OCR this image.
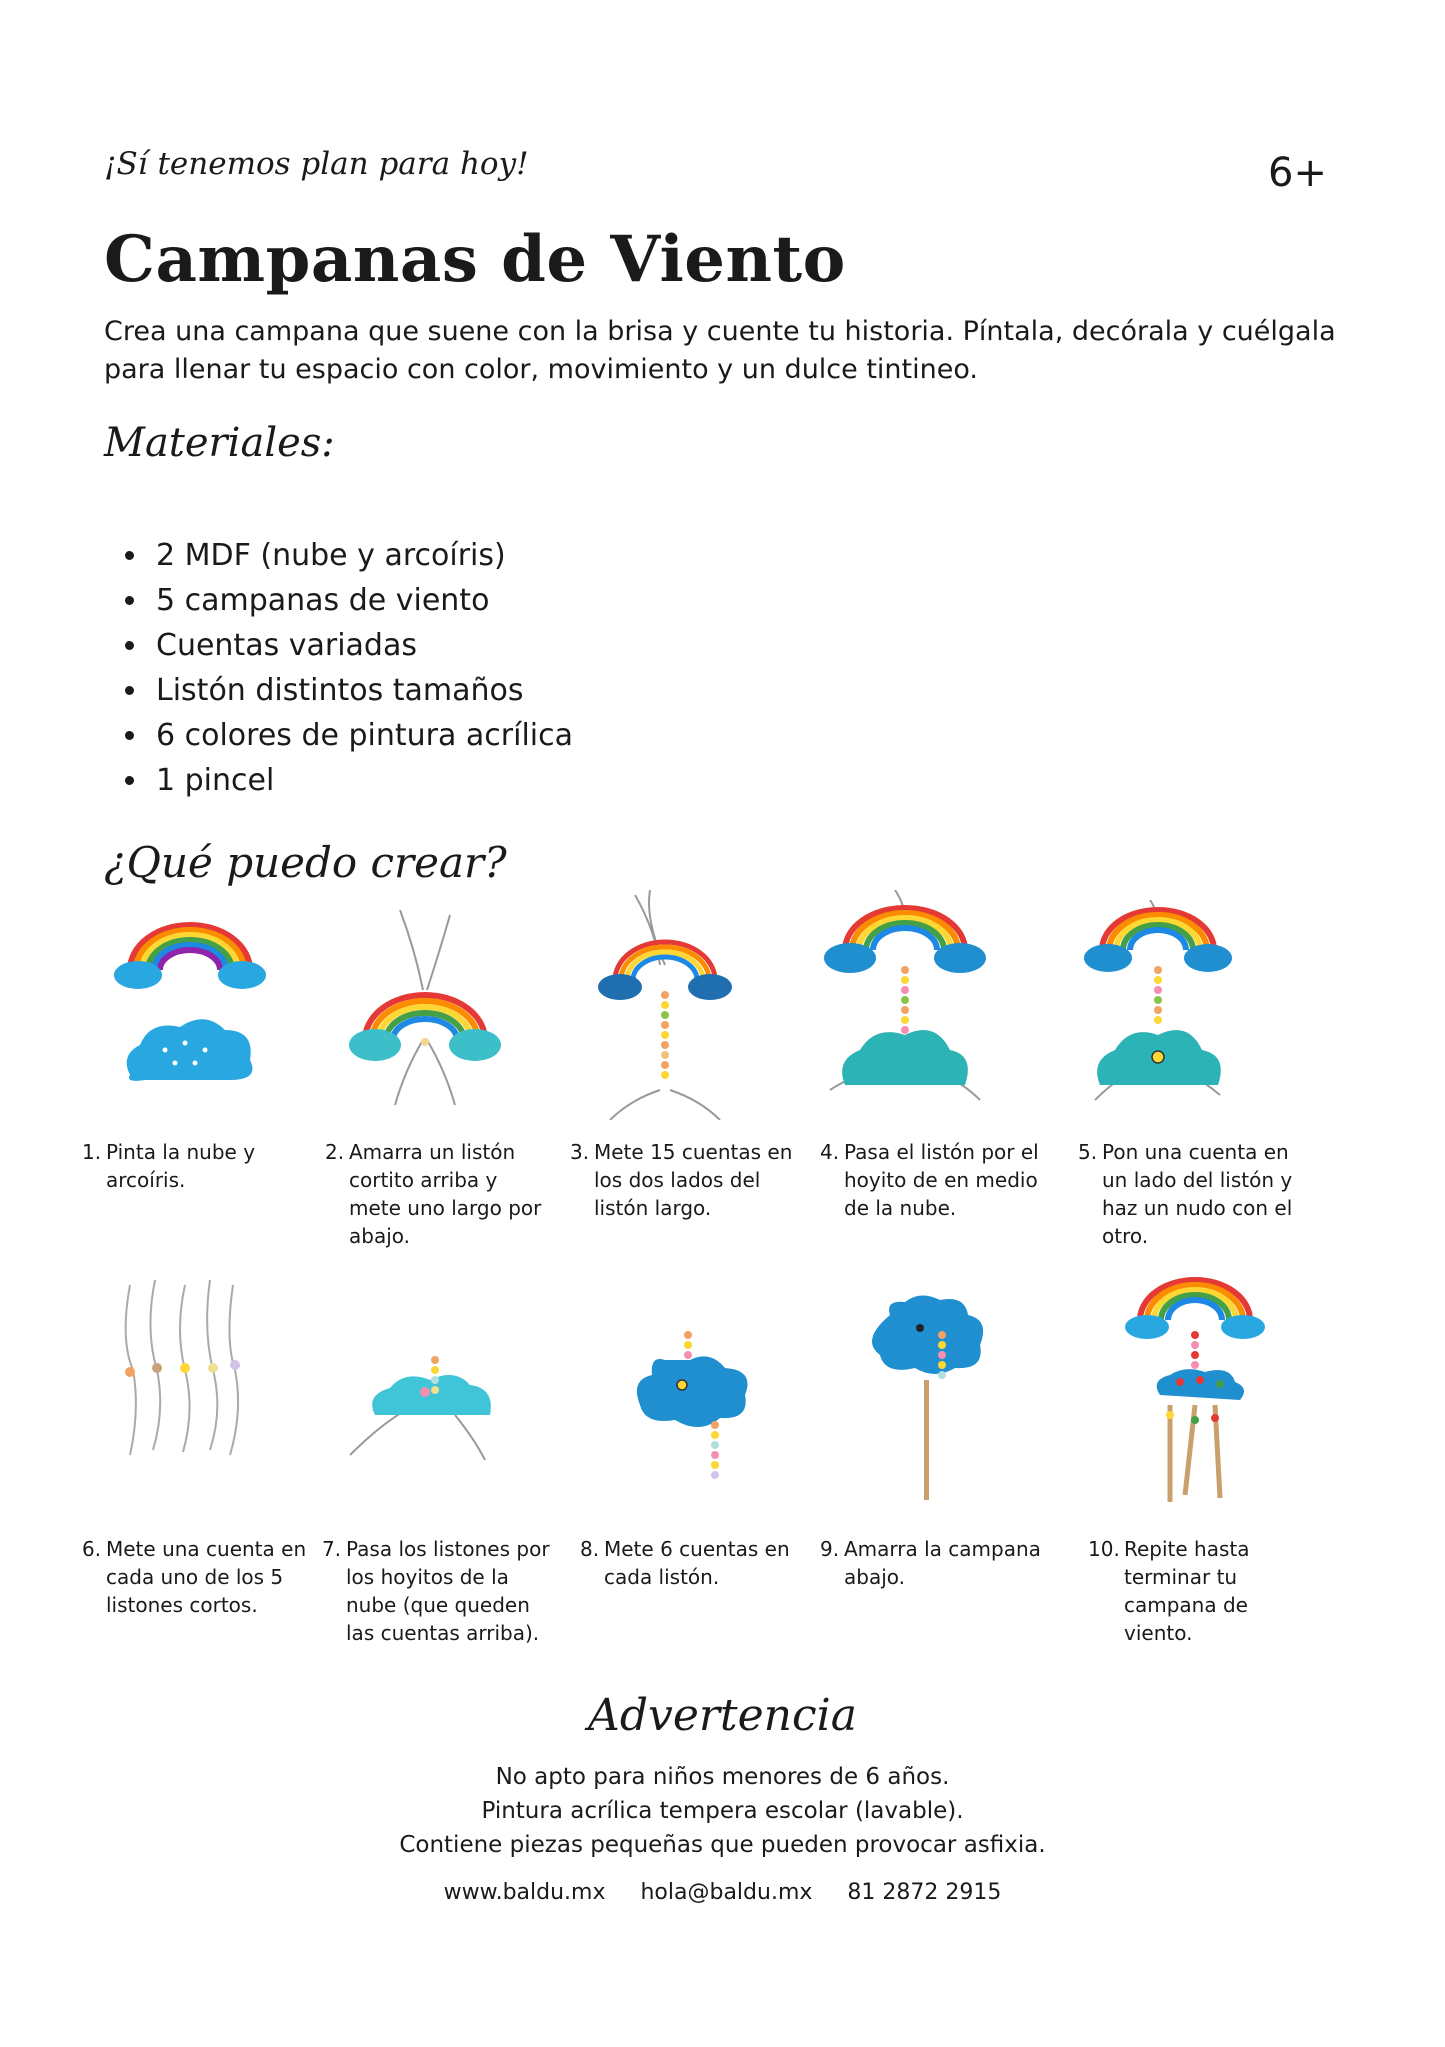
¡Sí tenemos plan para hoy!	6+
Campanas de Viento
Crea una campana que suene con la brisa y cuente tu historia. Píntala, decórala y cuélgala para llenar tu espacio con color, movimiento y un dulce tintineo.
Materiales:
• 2 MDF (nube y arcoíris)
• 5 campanas de viento
• Cuentas variadas
• Listón distintos tamaños
• 6 colores de pintura acrílica
• 1 pincel
¿Qué puedo crear?
1. Pinta la nube y arcoíris.
2. Amarra un listón cortito arriba y mete uno largo por abajo.
3. Mete 15 cuentas en los dos lados del listón largo.
4. Pasa el listón por el hoyito de en medio de la nube.
5. Pon una cuenta en un lado del listón y haz un nudo con el otro.
6. Mete una cuenta en cada uno de los 5 listones cortos.
7. Pasa los listones por los hoyitos de la nube (que queden las cuentas arriba).
8. Mete 6 cuentas en cada listón.
9. Amarra la campana abajo.
10. Repite hasta terminar tu campana de viento.
Advertencia
No apto para niños menores de 6 años.
Pintura acrílica tempera escolar (lavable).
Contiene piezas pequeñas que pueden provocar asfixia.
www.baldu.mx hola@baldu.mx 81 2872 2915
